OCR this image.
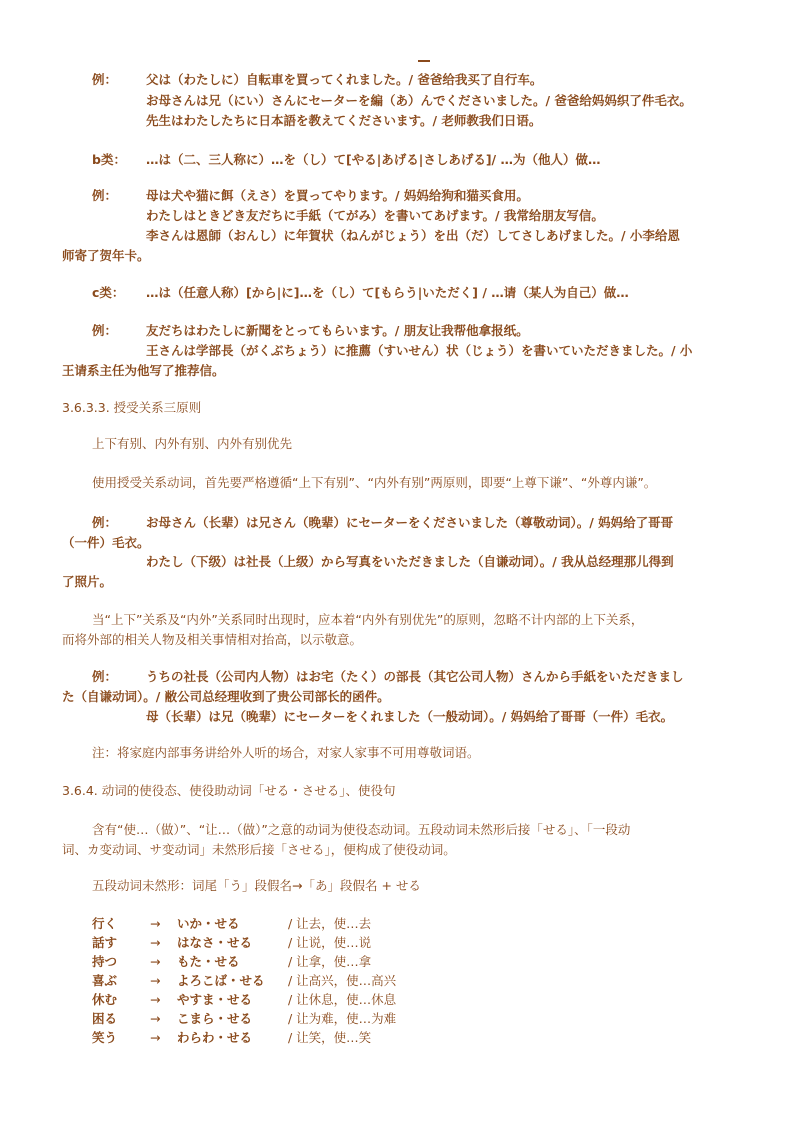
例： 父は（わたしに）自転車を買ってくれました。/ 爸爸给我买了自行车。
お母さんは兄（にい）さんにセーターを編（あ）んでくださいました。/ 爸爸给妈妈织了件毛衣。
先生はわたしたちに日本語を教えてくださいます。/ 老师教我们日语。
b类： …は（二、三人称に）…を（し）て[やる|あげる|さしあげる]/ …为（他人）做…
例： 母は犬や猫に餌（えさ）を買ってやります。/ 妈妈给狗和猫买食用。
わたしはときどき友だちに手紙（てがみ）を書いてあげます。/ 我常给朋友写信。
李さんは恩師（おんし）に年賀状（ねんがじょう）を出（だ）してさしあげました。/ 小李给恩
师寄了贺年卡。
c类： …は（任意人称）[から|に]…を（し）て[もらう|いただく] / …请（某人为自己）做…
例： 友だちはわたしに新聞をとってもらいます。/ 朋友让我帮他拿报纸。
王さんは学部長（がくぶちょう）に推薦（すいせん）状（じょう）を書いていただきました。/ 小
王请系主任为他写了推荐信。
3.6.3.3. 授受关系三原则
上下有别、内外有别、内外有别优先
使用授受关系动词，首先要严格遵循“上下有别”、“内外有别”两原则，即要“上尊下谦”、“外尊内谦”。
例： お母さん（长辈）は兄さん（晚辈）にセーターをくださいました（尊敬动词）。/ 妈妈给了哥哥
（一件）毛衣。
わたし（下级）は社長（上级）から写真をいただきました（自谦动词）。/ 我从总经理那儿得到
了照片。
当“上下”关系及“内外”关系同时出现时，应本着“内外有别优先”的原则，忽略不计内部的上下关系，
而将外部的相关人物及相关事情相对抬高，以示敬意。
例： うちの社長（公司内人物）はお宅（たく）の部長（其它公司人物）さんから手紙をいただきまし
た（自谦动词）。/ 敝公司总经理收到了贵公司部长的函件。
母（长辈）は兄（晚辈）にセーターをくれました（一般动词）。/ 妈妈给了哥哥（一件）毛衣。
注：将家庭内部事务讲给外人听的场合，对家人家事不可用尊敬词语。
3.6.4. 动词的使役态、使役助动词「せる・させる」、使役句
含有“使…（做）”、“让…（做）”之意的动词为使役态动词。五段动词未然形后接「せる」、「一段动
词、カ变动词、サ变动词」未然形后接「させる」，便构成了使役动词。
五段动词未然形：词尾「う」段假名→「あ」段假名 + せる
行く	→ いか・せる	/ 让去，使…去
話す	→ はなさ・せる	/ 让说，使…说
持つ	→ もた・せる	/ 让拿，使…拿
喜ぶ	→ よろこば・せる / 让高兴，使…高兴
休む	→ やすま・せる	/ 让休息，使…休息
困る	→ こまら・せる	/ 让为难，使…为难
笑う	→ わらわ・せる	/ 让笑，使…笑
